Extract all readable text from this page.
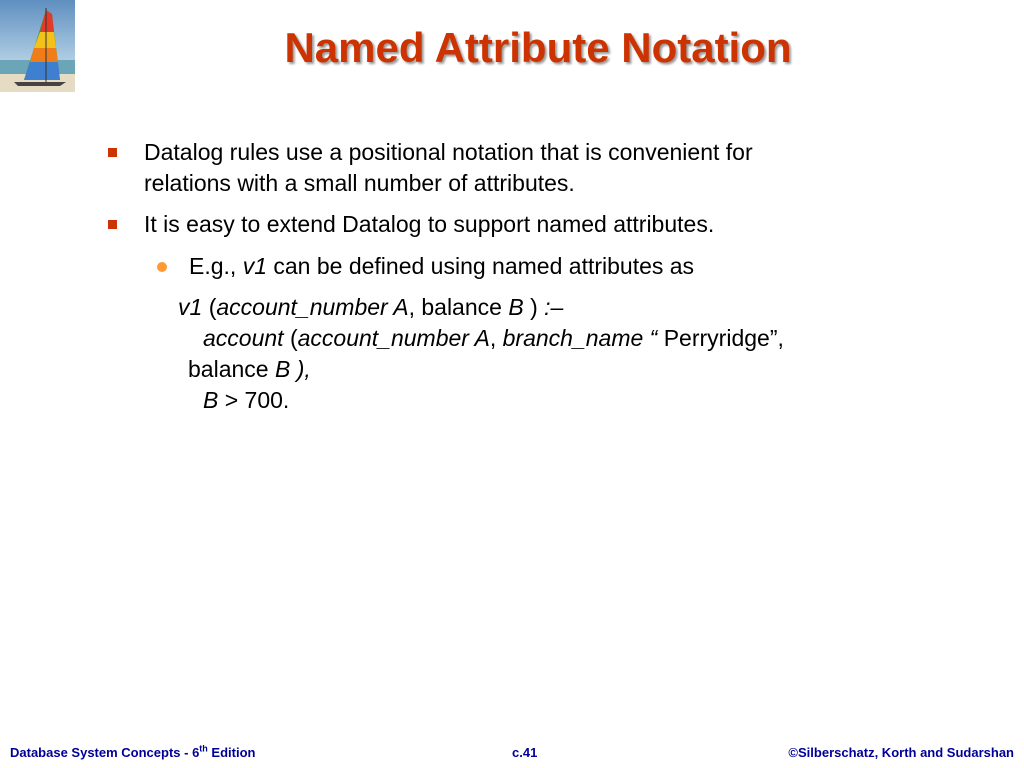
Named Attribute Notation
Datalog rules use a positional notation that is convenient for
relations with a small number of attributes.
It is easy to extend Datalog to support named attributes.
E.g., v1 can be defined using named attributes as
v1 (account_number A, balance B ) :–
account (account_number A, branch_name “ Perryridge”,
balance B ),
B > 700.
Database System Concepts - 6th Edition	c.41	©Silberschatz, Korth and Sudarshan
